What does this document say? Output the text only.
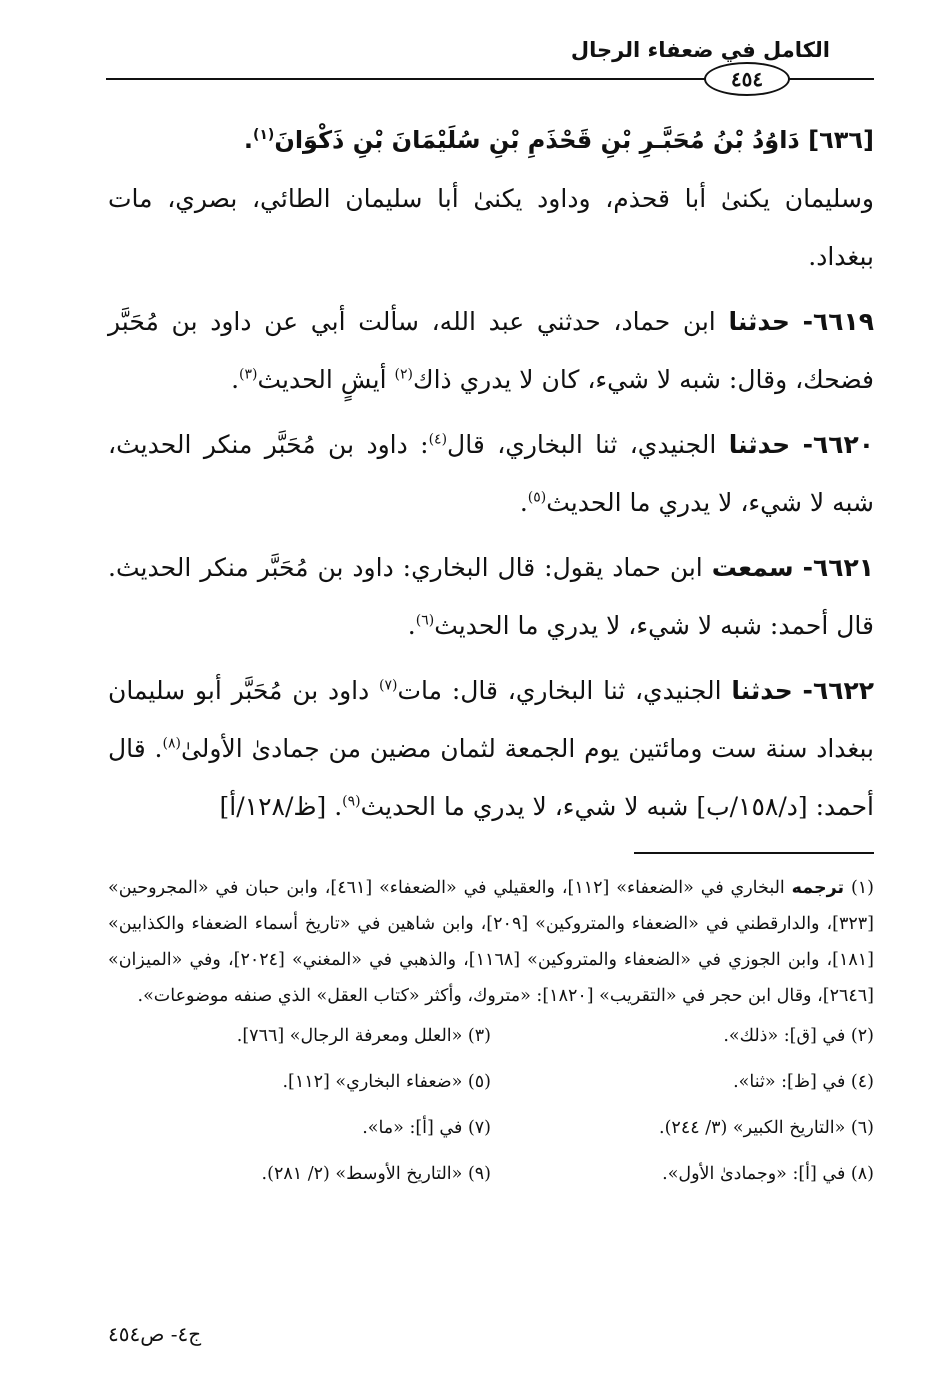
الكامل في ضعفاء الرجال
٤٥٤
[٦٣٦] دَاوُدُ بْنُ مُحَبَّـرِ بْنِ قَحْذَمِ بْنِ سُلَيْمَانَ بْنِ ذَكْوَانَ$^{(١)}$.

وسليمان يكنىٰ أبا قحذم، وداود يكنىٰ أبا سليمان الطائي، بصري، مات ببغداد.

٦٦١٩- حدثنا ابن حماد، حدثني عبد الله، سألت أبي عن داود بن مُحَبَّر فضحك، وقال: شبه لا شيء، كان لا يدري ذاك$^{(٢)}$ أيشٍ الحديث$^{(٣)}$.

٦٦٢٠- حدثنا الجنيدي، ثنا البخاري، قال$^{(٤)}$: داود بن مُحَبَّر منكر الحديث، شبه لا شيء، لا يدري ما الحديث$^{(٥)}$.

٦٦٢١- سمعت ابن حماد يقول: قال البخاري: داود بن مُحَبَّر منكر الحديث. قال أحمد: شبه لا شيء، لا يدري ما الحديث$^{(٦)}$.

٦٦٢٢- حدثنا الجنيدي، ثنا البخاري، قال: مات$^{(٧)}$ داود بن مُحَبَّر أبو سليمان ببغداد سنة ست ومائتين يوم الجمعة لثمان مضين من جمادىٰ الأولىٰ$^{(٨)}$. قال أحمد: [د/١٥٨/ب] شبه لا شيء، لا يدري ما الحديث$^{(٩)}$. [ظ/١٢٨/أ]

(١) ترجمه البخاري في «الضعفاء» [١١٢]، والعقيلي في «الضعفاء» [٤٦١]، وابن حبان في «المجروحين» [٣٢٣]، والدارقطني في «الضعفاء والمتروكين» [٢٠٩]، وابن شاهين في «تاريخ أسماء الضعفاء والكذابين» [١٨١]، وابن الجوزي في «الضعفاء والمتروكين» [١١٦٨]، والذهبي في «المغني» [٢٠٢٤]، وفي «الميزان» [٢٦٤٦]، وقال ابن حجر في «التقريب» [١٨٢٠]: «متروك، وأكثر «كتاب العقل» الذي صنفه موضوعات».

(٢) في [ق]: «ذلك».
(٣) «العلل ومعرفة الرجال» [٧٦٦].
(٤) في [ظ]: «ثنا».
(٥) «ضعفاء البخاري» [١١٢].
(٦) «التاريخ الكبير» (٣/ ٢٤٤).
(٧) في [أ]: «ما».
(٨) في [أ]: «وجمادىٰ الأول».
(٩) «التاريخ الأوسط» (٢/ ٢٨١).
ج٤- ص٤٥٤
